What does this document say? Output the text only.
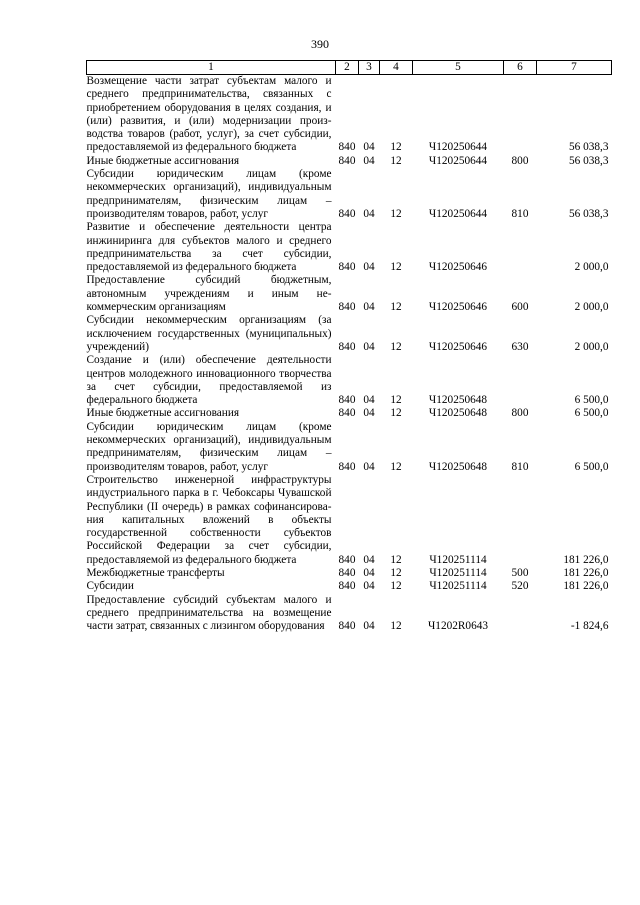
390
1	2	3	4	5	6	7
Возмещение части затрат субъектам малого и среднего предпринимательства, связанных с приобретением оборудования в целях создания, и (или) развития, и (или) модернизации производства товаров (работ, услуг), за счет субсидии, предоставляемой из федерального бюджета	840	04	12	Ч120250644		56 038,3
Иные бюджетные ассигнования	840	04	12	Ч120250644	800	56 038,3
Субсидии юридическим лицам (кроме некоммерческих организаций), индивидуальным предпринимателям, физическим лицам – производителям товаров, работ, услуг	840	04	12	Ч120250644	810	56 038,3
Развитие и обеспечение деятельности центра инжиниринга для субъектов малого и среднего предпринимательства за счет субсидии, предоставляемой из федерального бюджета	840	04	12	Ч120250646		2 000,0
Предоставление субсидий бюджетным, автономным учреждениям и иным некоммерческим организациям	840	04	12	Ч120250646	600	2 000,0
Субсидии некоммерческим организациям (за исключением государственных (муниципальных) учреждений)	840	04	12	Ч120250646	630	2 000,0
Создание и (или) обеспечение деятельности центров молодежного инновационного творчества за счет субсидии, предоставляемой из федерального бюджета	840	04	12	Ч120250648		6 500,0
Иные бюджетные ассигнования	840	04	12	Ч120250648	800	6 500,0
Субсидии юридическим лицам (кроме некоммерческих организаций), индивидуальным предпринимателям, физическим лицам – производителям товаров, работ, услуг	840	04	12	Ч120250648	810	6 500,0
Строительство инженерной инфраструктуры индустриального парка в г. Чебоксары Чувашской Республики (II очередь) в рамках софинансирования капитальных вложений в объекты государственной собственности субъектов Российской Федерации за счет субсидии, предоставляемой из федерального бюджета	840	04	12	Ч120251114		181 226,0
Межбюджетные трансферты	840	04	12	Ч120251114	500	181 226,0
Субсидии	840	04	12	Ч120251114	520	181 226,0
Предоставление субсидий субъектам малого и среднего предпринимательства на возмещение части затрат, связанных с лизингом оборудования	840	04	12	Ч1202R0643		-1 824,6
